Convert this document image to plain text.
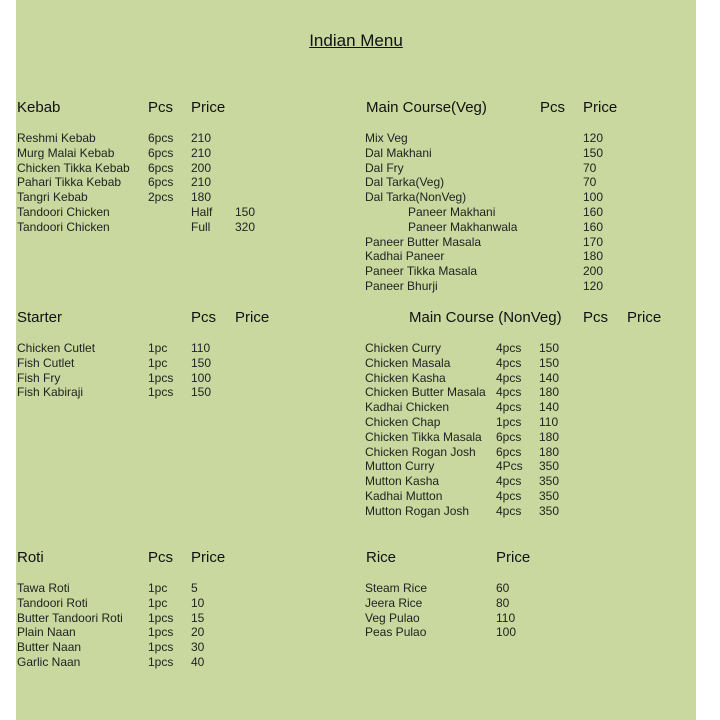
Indian Menu
Kebab	Pcs Price
Reshmi Kebab	6pcs 210
Murg Malai Kebab	6pcs 210
Chicken Tikka Kebab 6pcs 200
Pahari Tikka Kebab 6pcs 210
Tangri Kebab	2pcs 180
Tandoori Chicken	Half 150
Tandoori Chicken	Full 320
Main Course(Veg)	Pcs Price
Mix Veg	120
Dal Makhani	150
Dal Fry	70
Dal Tarka(Veg)	70
Dal Tarka(NonVeg)	100
Paneer Makhani	160
Paneer Makhanwala	160
Paneer Butter Masala	170
Kadhai Paneer	180
Paneer Tikka Masala	200
Paneer Bhurji	120
Starter	Pcs Price
Chicken Cutlet	1pc 110
Fish Cutlet	1pc 150
Fish Fry	1pcs 100
Fish Kabiraji	1pcs 150
Main Course (NonVeg) Pcs Price
Chicken Curry	4pcs 150
Chicken Masala	4pcs 150
Chicken Kasha	4pcs 140
Chicken Butter Masala 4pcs 180
Kadhai Chicken	4pcs 140
Chicken Chap	1pcs 110
Chicken Tikka Masala 6pcs 180
Chicken Rogan Josh 6pcs 180
Mutton Curry	4Pcs 350
Mutton Kasha	4pcs 350
Kadhai Mutton	4pcs 350
Mutton Rogan Josh 4pcs 350
Roti	Pcs Price
Tawa Roti	1pc 5
Tandoori Roti	1pc 10
Butter Tandoori Roti 1pcs 15
Plain Naan	1pcs 20
Butter Naan	1pcs 30
Garlic Naan	1pcs 40
Rice	Price
Steam Rice	60
Jeera Rice	80
Veg Pulao	110
Peas Pulao	100
